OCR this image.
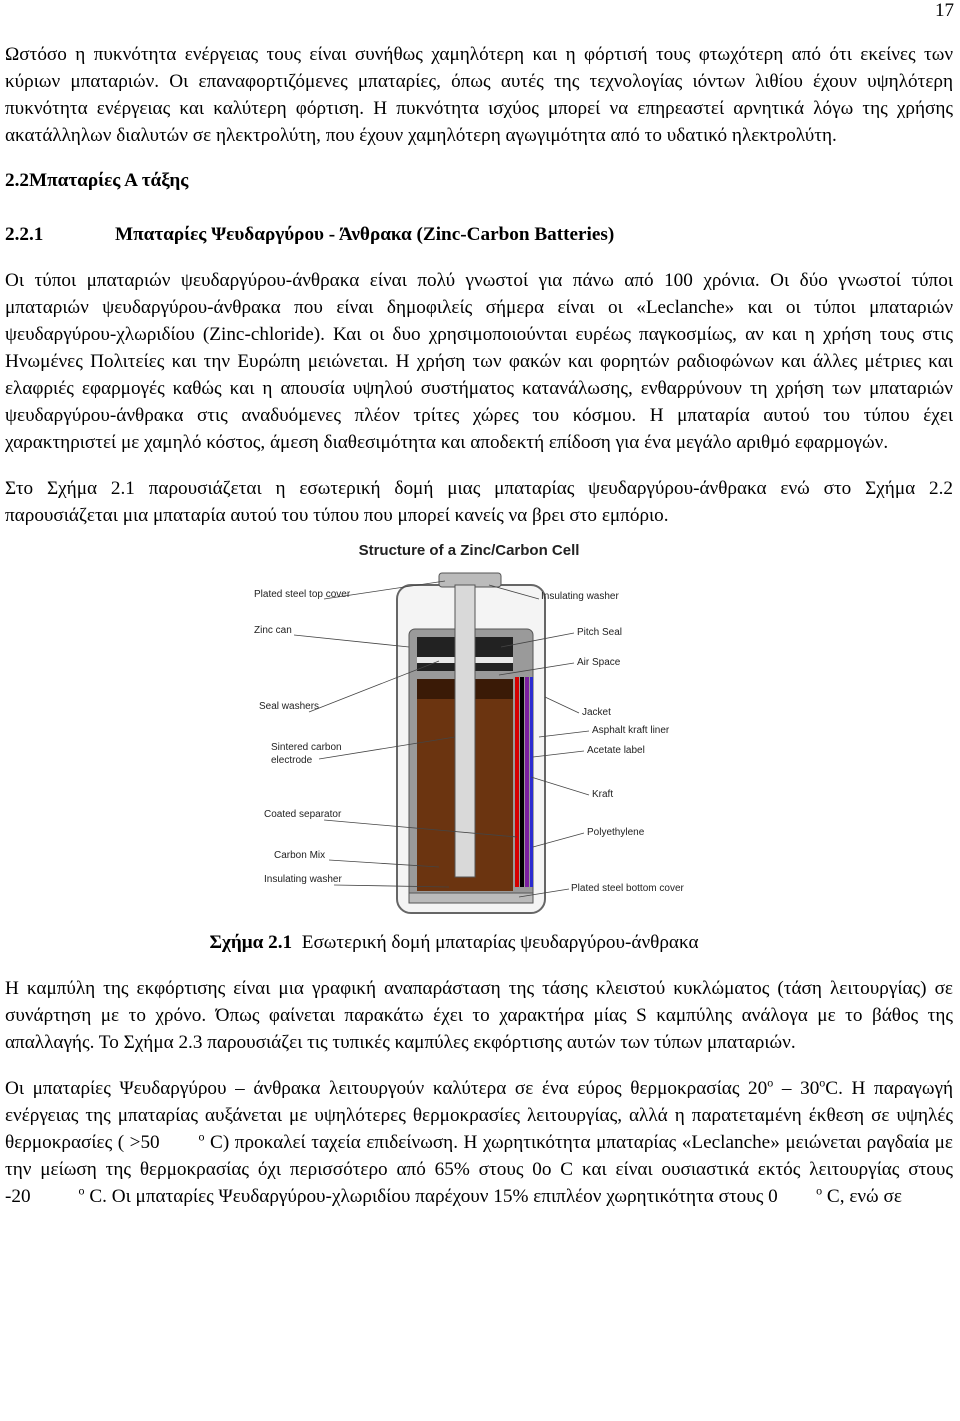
17

Ωστόσο η πυκνότητα ενέργειας τους είναι συνήθως χαμηλότερη και η φόρτισή τους φτωχότερη από ότι εκείνες των κύριων μπαταριών. Οι επαναφορτιζόμενες μπαταρίες, όπως αυτές της τεχνολογίας ιόντων λιθίου έχουν υψηλότερη πυκνότητα ενέργειας και καλύτερη φόρτιση. Η πυκνότητα ισχύος μπορεί να επηρεαστεί αρνητικά λόγω της χρήσης ακατάλληλων διαλυτών σε ηλεκτρολύτη, που έχουν χαμηλότερη αγωγιμότητα από το υδατικό ηλεκτρολύτη.

2.2Μπαταρίες Α τάξης

2.2.1	Μπαταρίες Ψευδαργύρου - Άνθρακα (Zinc-Carbon Batteries)

Οι τύποι μπαταριών ψευδαργύρου-άνθρακα είναι πολύ γνωστοί για πάνω από 100 χρόνια. Οι δύο γνωστοί τύποι μπαταριών ψευδαργύρου-άνθρακα που είναι δημοφιλείς σήμερα είναι οι «Leclanche» και οι τύποι μπαταριών ψευδαργύρου-χλωριδίου (Zinc-chloride). Και οι δυο χρησιμοποιούνται ευρέως παγκοσμίως, αν και η χρήση τους στις Ηνωμένες Πολιτείες και την Ευρώπη μειώνεται. Η χρήση των φακών και φορητών ραδιοφώνων και άλλες μέτριες και ελαφριές εφαρμογές καθώς και η απουσία υψηλού συστήματος κατανάλωσης, ενθαρρύνουν τη χρήση των μπαταριών ψευδαργύρου-άνθρακα στις αναδυόμενες πλέον τρίτες χώρες του κόσμου. Η μπαταρία αυτού του τύπου έχει χαρακτηριστεί με χαμηλό κόστος, άμεση διαθεσιμότητα και αποδεκτή επίδοση για ένα μεγάλο αριθμό εφαρμογών.

Στο Σχήμα 2.1 παρουσιάζεται η εσωτερική δομή μιας μπαταρίας ψευδαργύρου-άνθρακα ενώ στο Σχήμα 2.2 παρουσιάζεται μια μπαταρία αυτού του τύπου που μπορεί κανείς να βρει στο εμπόριο.

Structure of a Zinc/Carbon Cell
Plated steel top cover
Zinc can
Seal washers
Sintered carbon
electrode
Coated separator
Carbon Mix
Insulating washer
Insulating washer
Pitch Seal
Air Space
Jacket
Asphalt kraft liner
Acetate label
Kraft
Polyethylene
Plated steel bottom cover

Σχήμα 2.1 Εσωτερική δομή μπαταρίας ψευδαργύρου-άνθρακα

Η καμπύλη της εκφόρτισης είναι μια γραφική αναπαράσταση της τάσης κλειστού κυκλώματος (τάση λειτουργίας) σε συνάρτηση με το χρόνο. Όπως φαίνεται παρακάτω έχει το χαρακτήρα μίας S καμπύλης ανάλογα με το βάθος της απαλλαγής. Το Σχήμα 2.3 παρουσιάζει τις τυπικές καμπύλες εκφόρτισης αυτών των τύπων μπαταριών.

Οι μπαταρίες Ψευδαργύρου – άνθρακα λειτουργούν καλύτερα σε ένα εύρος θερμοκρασίας 20$^o$ – 30$^o$C. Η παραγωγή ενέργειας της μπαταρίας αυξάνεται με υψηλότερες θερμοκρασίες λειτουργίας, αλλά η παρατεταμένη έκθεση σε υψηλές θερμοκρασίες ( >50	$^o$ C) προκαλεί ταχεία επιδείνωση. Η χωρητικότητα μπαταρίας «Leclanche» μειώνεται ραγδαία με την μείωση της θερμοκρασίας όχι περισσότερο από 65% στους 0ο C και είναι ουσιαστικά εκτός λειτουργίας στους -20	$^o$ C. Οι μπαταρίες Ψευδαργύρου-χλωριδίου παρέχουν 15% επιπλέον χωρητικότητα στους 0	$^o$ C, ενώ σε
